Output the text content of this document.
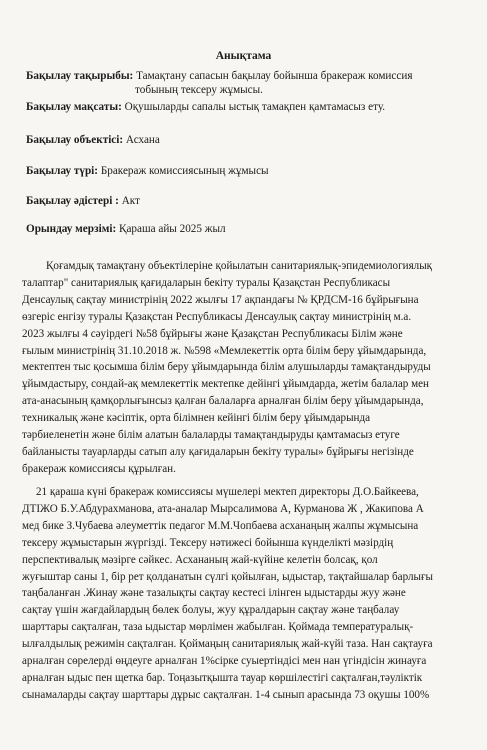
Анықтама
Бақылау тақырыбы: Тамақтану сапасын бақылау бойынша бракераж комиссия
тобының тексеру жұмысы.
Бақылау мақсаты: Оқушыларды сапалы ыстық тамақпен қамтамасыз ету.
Бақылау объектісі: Асхана
Бақылау түрі: Бракераж комиссиясының жұмысы
Бақылау әдістері : Акт
Орындау мерзімі: Қараша айы 2025 жыл
Қоғамдық тамақтану объектілеріне қойылатын санитариялық-эпидемиологиялық
талаптар" санитариялық қағидаларын бекіту туралы Қазақстан Республикасы
Денсаулық сақтау министрінің 2022 жылғы 17 ақпандағы № ҚРДСМ-16 бұйрығына
өзгеріс енгізу туралы Қазақстан Республикасы Денсаулық сақтау министрінің м.а.
2023 жылғы 4 сәуірдегі №58 бұйрығы және Қазақстан Республикасы Білім және
ғылым министрінің 31.10.2018 ж. №598 «Мемлекеттік орта білім беру ұйымдарында,
мектептен тыс қосымша білім беру ұйымдарында білім алушыларды тамақтандыруды
ұйымдастыру, сондай-ақ мемлекеттік мектепке дейінгі ұйымдарда, жетім балалар мен
ата-анасының қамқорлығынсыз қалған балаларға арналған білім беру ұйымдарында,
техникалық және кәсіптік, орта білімнен кейінгі білім беру ұйымдарында
тәрбиеленетін және білім алатын балаларды тамақтандыруды қамтамасыз етуге
байланысты тауарларды сатып алу қағидаларын бекіту туралы» бұйрығы негізінде
бракераж комиссиясы құрылған.
21 қараша күні бракераж комиссиясы мүшелері мектеп директоры Д.О.Байкеева,
ДТІЖО Б.У.Абдурахманова, ата-аналар Мырсалимова А, Курманова Ж , Жакипова А
мед бике З.Чубаева әлеуметтік педагог М.М.Чопбаева асханаңың жалпы жұмысына
тексеру жұмыстарын жүргізді. Тексеру нәтижесі бойынша күнделікті мәзірдің
перспективалық мәзірге сәйкес. Асхананың жай-күйіне келетін болсақ, қол
жуғыштар саны 1, бір рет қолданатын сүлгі қойылған, ыдыстар, тақтайшалар барлығы
таңбаланған .Жинау және тазалықты сақтау кестесі ілінген ыдыстарды жуу және
сақтау үшін жағдайлардың бөлек болуы, жуу құралдарын сақтау және таңбалау
шарттары сақталған, таза ыдыстар мөрлімен жабылған. Қоймада температуралық-
ылғалдылық режимін сақталған. Қоймаңың санитариялық жай-күйі таза. Нан сақтауға
арналған сөрелерді өңдеуге арналған 1%сірке суыертіндісі мен нан үгіндісін жинауға
арналған ыдыс пен щетка бар. Тоңазытқышта тауар көршілестігі сақталған,тәуліктік
сынамаларды сақтау шарттары дұрыс сақталған. 1-4 сынып арасында 73 оқушы 100%
